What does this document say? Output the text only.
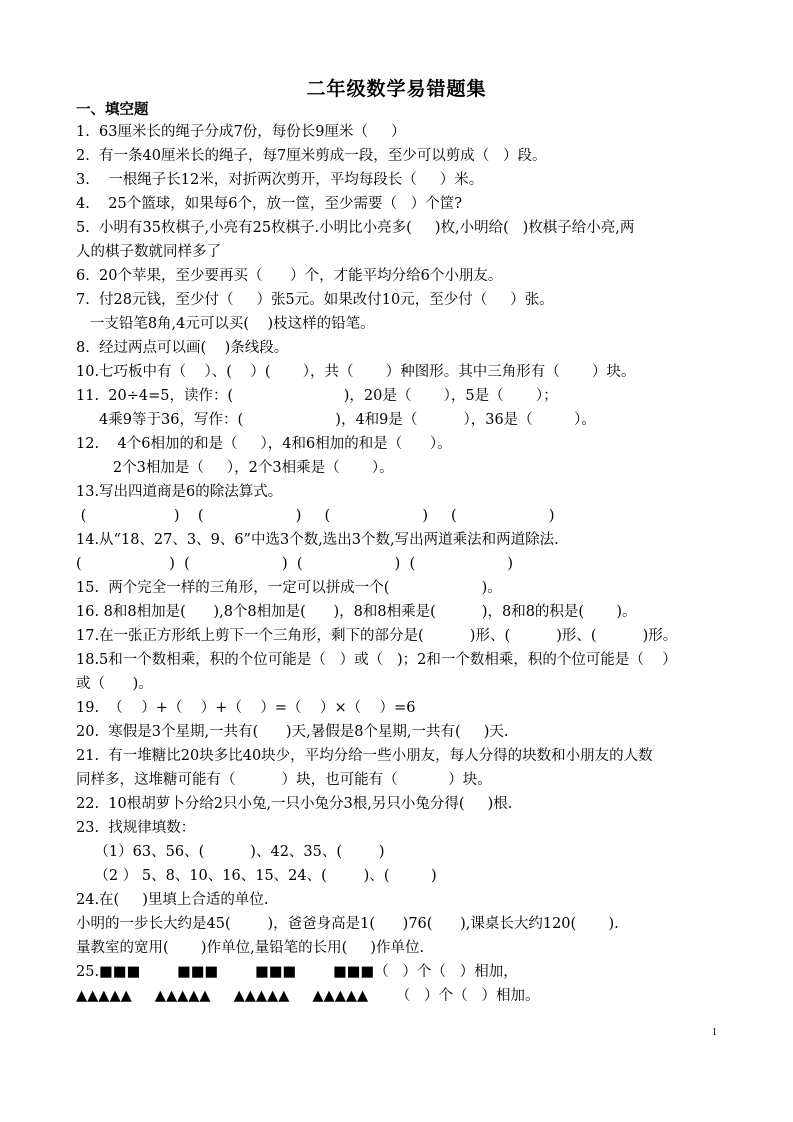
二年级数学易错题集
一、填空题
1.  63厘米长的绳子分成7份，每份长9厘米（     ）
2.  有一条40厘米长的绳子，每7厘米剪成一段，至少可以剪成（   ）段。
3.    一根绳子长12米，对折两次剪开，平均每段长（     ）米。
4.    25个篮球，如果每6个，放一筐，至少需要（   ）个筐?
5.  小明有35枚棋子,小亮有25枚棋子.小明比小亮多(     )枚,小明给(   )枚棋子给小亮,两
人的棋子数就同样多了
6.  20个苹果，至少要再买（      ）个，才能平均分给6个小朋友。
7.  付28元钱，至少付（     ）张5元。如果改付10元，至少付（     ）张。
一支铅笔8角,4元可以买(    )枝这样的铅笔。
8.  经过两点可以画(    )条线段。
10.七巧板中有（    ）、(    ）(       ），共（       ）种图形。其中三角形有（       ）块。
11.  20÷4=5，读作：(                        )，20是（       ），5是（       ）；
4乘9等于36，写作：(                    )，4和9是（          ），36是（         ）。
12.    4个6相加的和是（     ），4和6相加的和是（      ）。
2个3相加是（     ），2个3相乘是（       ）。
13.写出四道商是6的除法算式。
(                   )    (                    )     (                    )     (                    )
14.从“18、27、3、9、6”中选3个数,选出3个数,写出两道乘法和两道除法.
(                   )  (                    )  (                    )  (                    )
15.  两个完全一样的三角形，一定可以拼成一个(                    )。
16. 8和8相加是(      ),8个8相加是(      )，8和8相乘是(          )，8和8的积是(       )。
17.在一张正方形纸上剪下一个三角形，剩下的部分是(          )形、(          )形、(          )形。
18.5和一个数相乘，积的个位可能是（   ）或（   )；2和一个数相乘，积的个位可能是（    ）
或（      )。
19.  （    ）+（    ）+（    ）=（    ）×（    ）=6
20.  寒假是3个星期,一共有(      )天,暑假是8个星期,一共有(     )天.
21.  有一堆糖比20块多比40块少，平均分给一些小朋友，每人分得的块数和小朋友的人数
同样多，这堆糖可能有（          ）块，也可能有（           ）块。
22.  10根胡萝卜分给2只小兔,一只小兔分3根,另只小兔分得(     )根.
23.  找规律填数：
（1）63、56、(          )、42、35、(        )
（2 ） 5、8、10、16、15、24、(        )、(         )
24.在(     )里填上合适的单位.
小明的一步长大约是45(        )，爸爸身高是1(      )76(      ),课桌长大约120(       ).
量教室的宽用(       )作单位,量铅笔的长用(     )作单位.
25.■■■        ■■■        ■■■        ■■■（   ）个（   ）相加，
▲▲▲▲▲     ▲▲▲▲▲     ▲▲▲▲▲     ▲▲▲▲▲      （   ）个（   ）相加。
1
